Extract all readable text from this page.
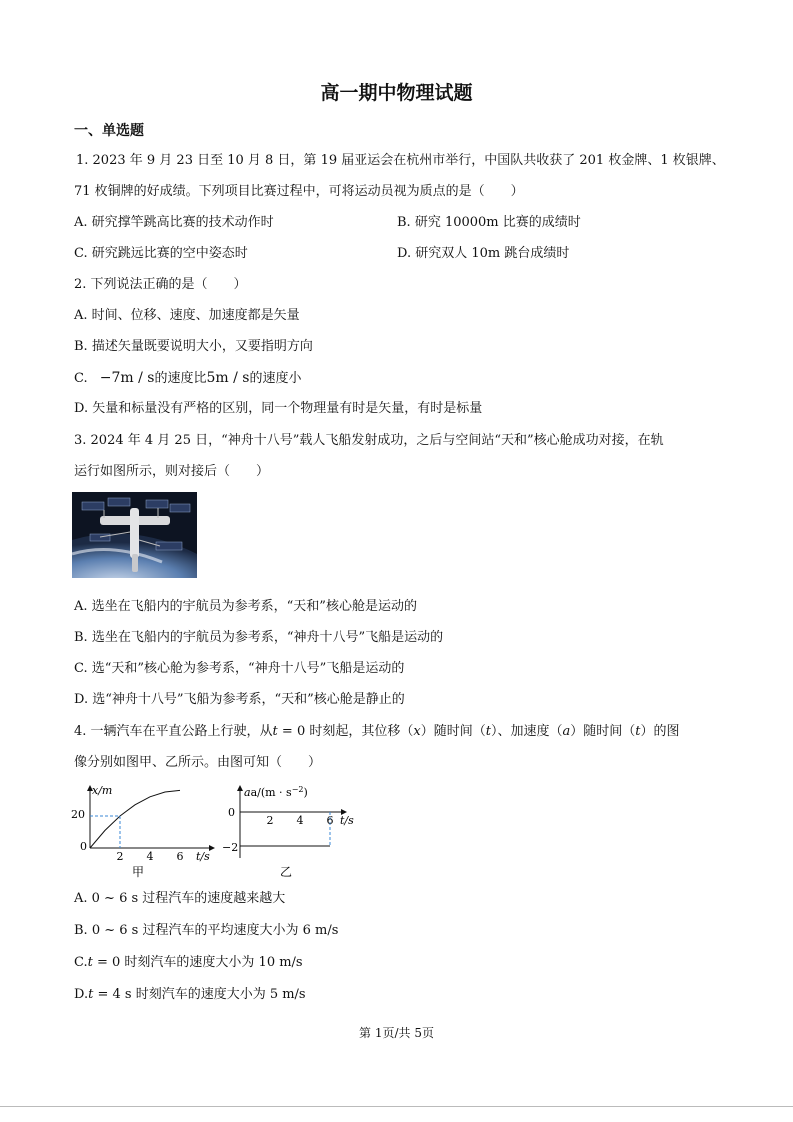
高一期中物理试题
一、单选题
1. 2023 年 9 月 23 日至 10 月 8 日，第 19 届亚运会在杭州市举行，中国队共收获了 201 枚金牌、1 枚银牌、
71 枚铜牌的好成绩。下列项目比赛过程中，可将运动员视为质点的是（　　）
A. 研究撑竿跳高比赛的技术动作时	B. 研究 10000m 比赛的成绩时
C. 研究跳远比赛的空中姿态时	D. 研究双人 10m 跳台成绩时
2. 下列说法正确的是（　　）
A. 时间、位移、速度、加速度都是矢量
B. 描述矢量既要说明大小，又要指明方向
C. −7m / s的速度比5m / s的速度小
D. 矢量和标量没有严格的区别，同一个物理量有时是矢量，有时是标量
3. 2024 年 4 月 25 日，“神舟十八号”载人飞船发射成功，之后与空间站“天和”核心舱成功对接，在轨
运行如图所示，则对接后（　　）
A. 选坐在飞船内的宇航员为参考系，“天和”核心舱是运动的
B. 选坐在飞船内的宇航员为参考系，“神舟十八号”飞船是运动的
C. 选“天和”核心舱为参考系，“神舟十八号”飞船是运动的
D. 选“神舟十八号”飞船为参考系，“天和”核心舱是静止的
4. 一辆汽车在平直公路上行驶，从t = 0 时刻起，其位移（x）随时间（t）、加速度（a）随时间（t）的图
像分别如图甲、乙所示。由图可知（　　）
x/m
20
0
2 4 6 t/s
甲
$aa/(m \cdot s^{-2})$
0
−2
2 4 6 t/s
乙
A. 0 ~ 6 s 过程汽车的速度越来越大
B. 0 ~ 6 s 过程汽车的平均速度大小为 6 m/s
C.t = 0 时刻汽车的速度大小为 10 m/s
D.t = 4 s 时刻汽车的速度大小为 5 m/s
第 1页/共 5页
